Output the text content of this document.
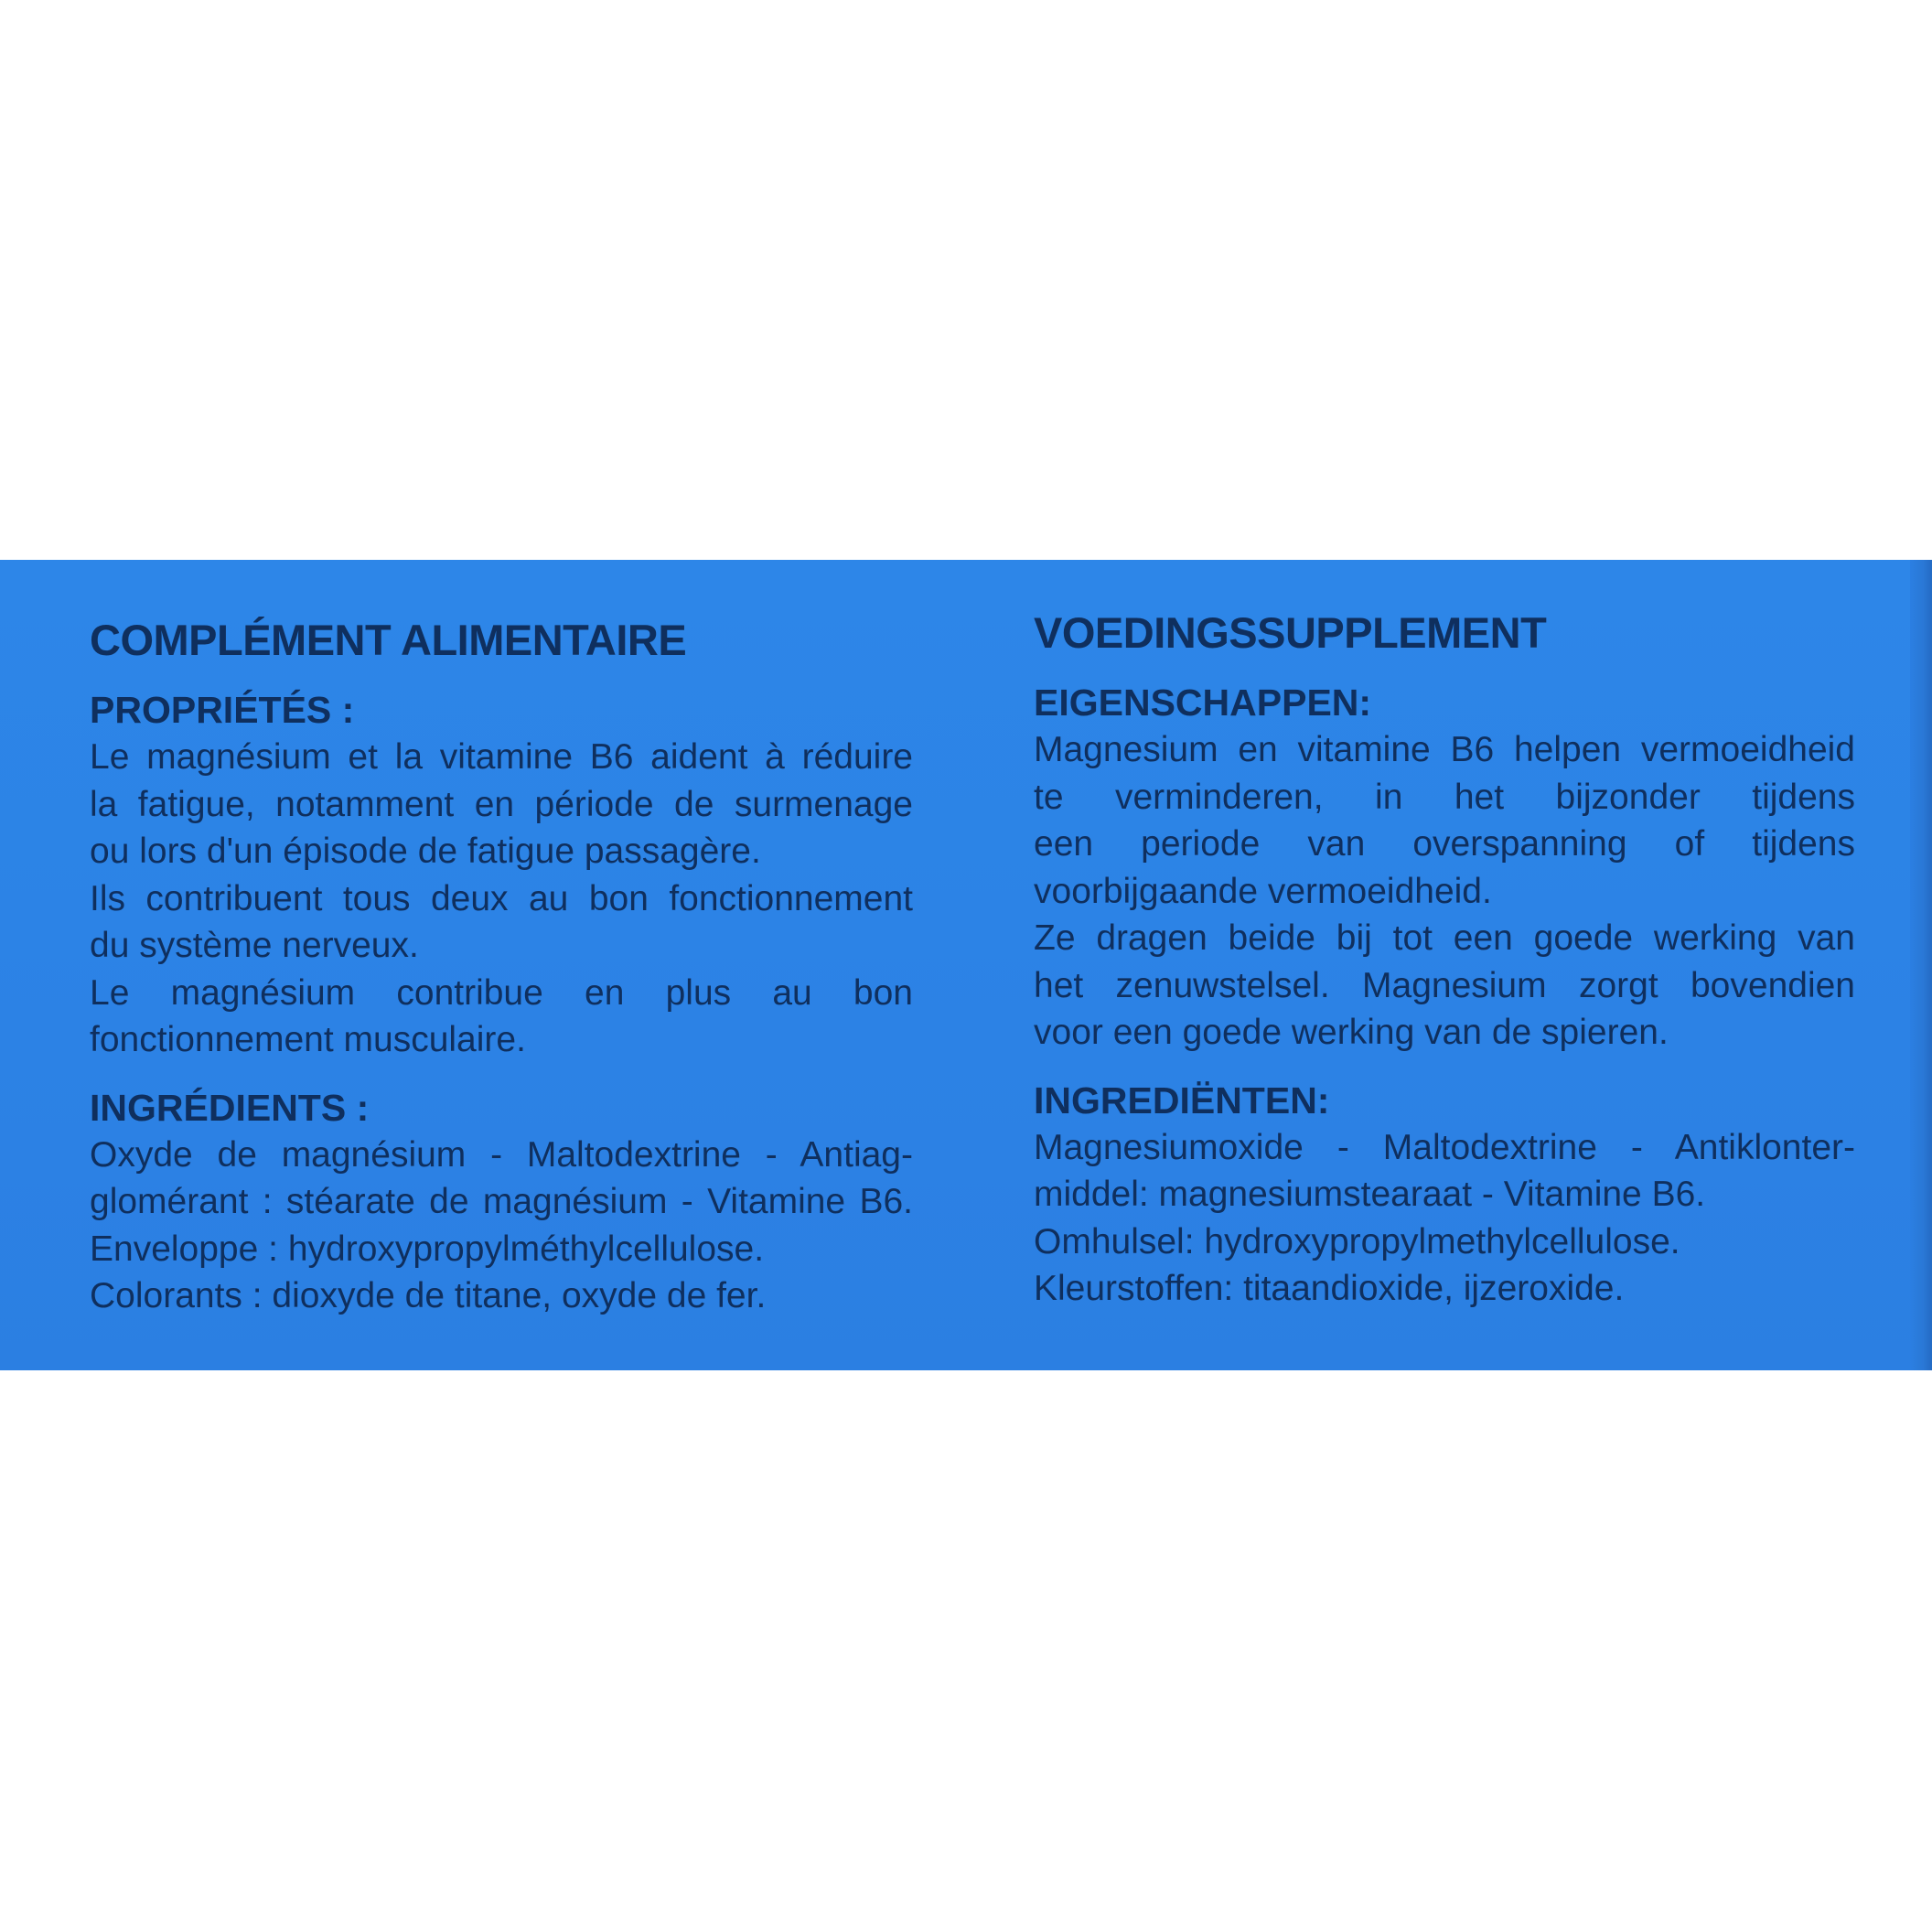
COMPLÉMENT ALIMENTAIRE
PROPRIÉTÉS :
Le magnésium et la vitamine B6 aident à réduire
la fatigue, notamment en période de surmenage
ou lors d'un épisode de fatigue passagère.
Ils contribuent tous deux au bon fonctionnement
du système nerveux.
Le magnésium contribue en plus au bon
fonctionnement musculaire.
INGRÉDIENTS :
Oxyde de magnésium - Maltodextrine - Antiag-
glomérant : stéarate de magnésium - Vitamine B6.
Enveloppe : hydroxypropylméthylcellulose.
Colorants : dioxyde de titane, oxyde de fer.
VOEDINGSSUPPLEMENT
EIGENSCHAPPEN:
Magnesium en vitamine B6 helpen vermoeidheid
te verminderen, in het bijzonder tijdens
een periode van overspanning of tijdens
voorbijgaande vermoeidheid.
Ze dragen beide bij tot een goede werking van
het zenuwstelsel. Magnesium zorgt bovendien
voor een goede werking van de spieren.
INGREDIËNTEN:
Magnesiumoxide - Maltodextrine - Antiklonter-
middel: magnesiumstearaat - Vitamine B6.
Omhulsel: hydroxypropylmethylcellulose.
Kleurstoffen: titaandioxide, ijzeroxide.
